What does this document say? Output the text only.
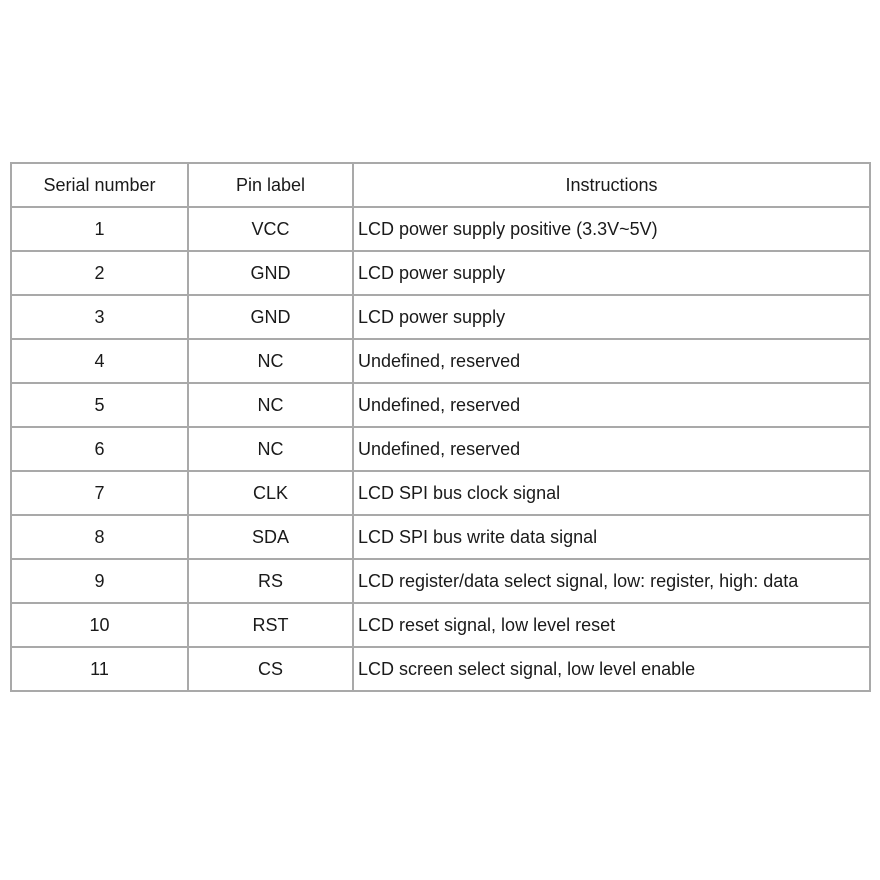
Serial number	Pin label	Instructions
1	VCC	LCD power supply positive (3.3V~5V)
2	GND	LCD power supply
3	GND	LCD power supply
4	NC	Undefined, reserved
5	NC	Undefined, reserved
6	NC	Undefined, reserved
7	CLK	LCD SPI bus clock signal
8	SDA	LCD SPI bus write data signal
9	RS	LCD register/data select signal, low: register, high: data
10	RST	LCD reset signal, low level reset
11	CS	LCD screen select signal, low level enable
